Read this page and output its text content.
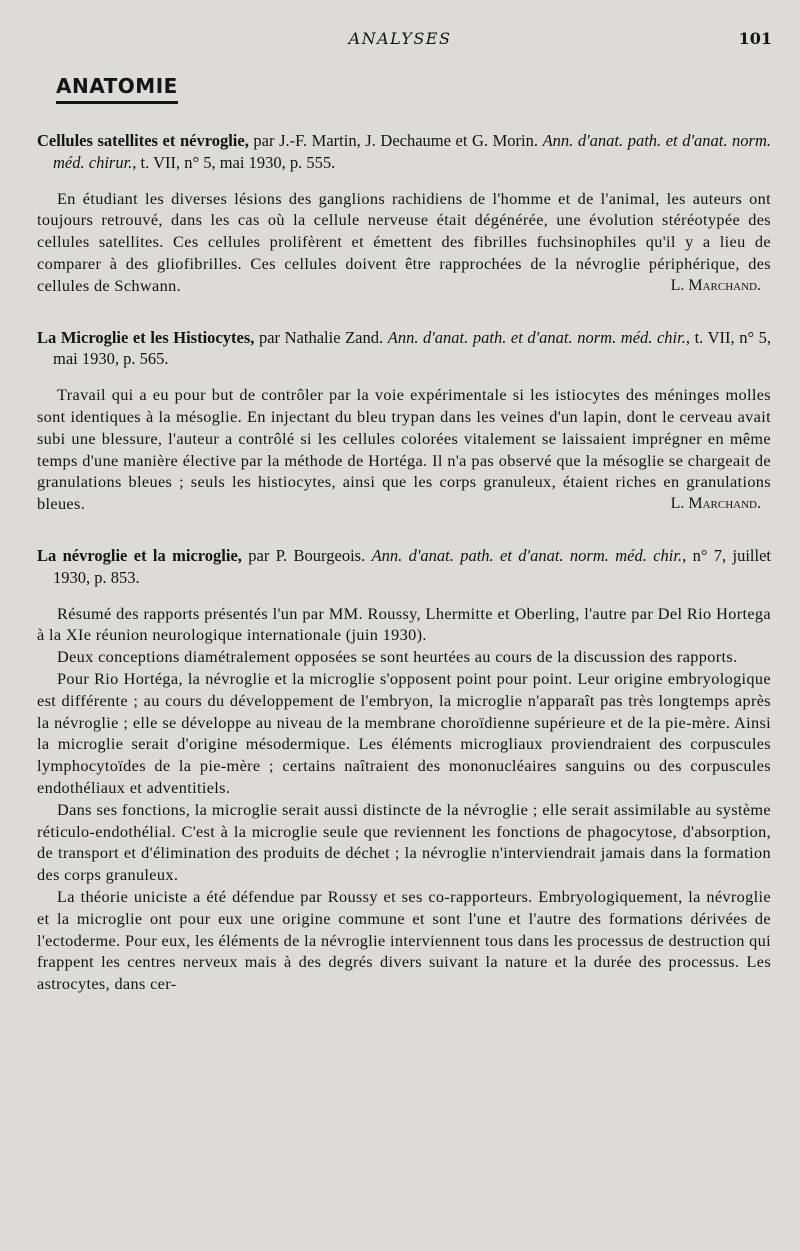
ANALYSES	101
ANATOMIE
Cellules satellites et névroglie, par J.-F. Martin, J. Dechaume et G. Morin. Ann. d'anat. path. et d'anat. norm. méd. chirur., t. VII, n° 5, mai 1930, p. 555.

En étudiant les diverses lésions des ganglions rachidiens de l'homme et de l'animal, les auteurs ont toujours retrouvé, dans les cas où la cellule nerveuse était dégénérée, une évolution stéréotypée des cellules satellites. Ces cellules prolifèrent et émettent des fibrilles fuchsinophiles qu'il y a lieu de comparer à des gliofibrilles. Ces cellules doivent être rapprochées de la névroglie périphérique, des cellules de Schwann.	L. Marchand.
La Microglie et les Histiocytes, par Nathalie Zand. Ann. d'anat. path. et d'anat. norm. méd. chir., t. VII, n° 5, mai 1930, p. 565.

Travail qui a eu pour but de contrôler par la voie expérimentale si les istiocytes des méninges molles sont identiques à la mésoglie. En injectant du bleu trypan dans les veines d'un lapin, dont le cerveau avait subi une blessure, l'auteur a contrôlé si les cellules colorées vitalement se laissaient imprégner en même temps d'une manière élective par la méthode de Hortéga. Il n'a pas observé que la mésoglie se chargeait de granulations bleues ; seuls les histiocytes, ainsi que les corps granuleux, étaient riches en granulations bleues.	L. Marchand.
La névroglie et la microglie, par P. Bourgeois. Ann. d'anat. path. et d'anat. norm. méd. chir., n° 7, juillet 1930, p. 853.

Résumé des rapports présentés l'un par MM. Roussy, Lhermitte et Oberling, l'autre par Del Rio Hortega à la XIe réunion neurologique internationale (juin 1930).

Deux conceptions diamétralement opposées se sont heurtées au cours de la discussion des rapports.

Pour Rio Hortéga, la névroglie et la microglie s'opposent point pour point. Leur origine embryologique est différente ; au cours du développement de l'embryon, la microglie n'apparaît pas très longtemps après la névroglie ; elle se développe au niveau de la membrane choroïdienne supérieure et de la pie-mère. Ainsi la microglie serait d'origine mésodermique. Les éléments microgliaux proviendraient des corpuscules lymphocytoïdes de la pie-mère ; certains naîtraient des mononucléaires sanguins ou des corpuscules endothéliaux et adventitiels.

Dans ses fonctions, la microglie serait aussi distincte de la névroglie ; elle serait assimilable au système réticulo-endothélial. C'est à la microglie seule que reviennent les fonctions de phagocytose, d'absorption, de transport et d'élimination des produits de déchet ; la névroglie n'interviendrait jamais dans la formation des corps granuleux.

La théorie uniciste a été défendue par Roussy et ses co-rapporteurs. Embryologiquement, la névroglie et la microglie ont pour eux une origine commune et sont l'une et l'autre des formations dérivées de l'ectoderme. Pour eux, les éléments de la névroglie interviennent tous dans les processus de destruction qui frappent les centres nerveux mais à des degrés divers suivant la nature et la durée des processus. Les astrocytes, dans cer-
